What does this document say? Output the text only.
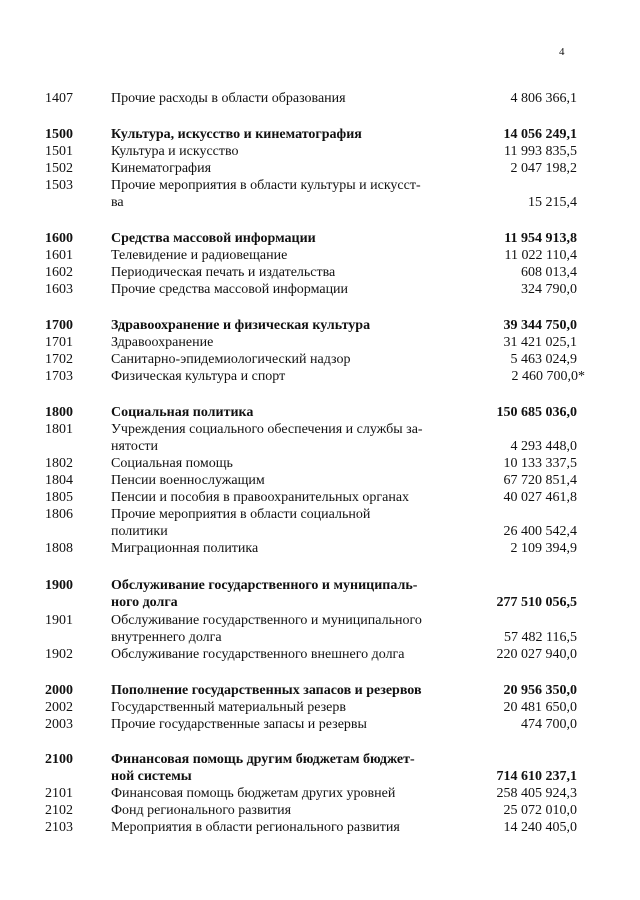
4
1407	Прочие расходы в области образования	4 806 366,1
1500	Культура, искусство и кинематография	14 056 249,1
1501	Культура и искусство	11 993 835,5
1502	Кинематография	2 047 198,2
1503	Прочие мероприятия в области культуры и искусст-
ва	15 215,4
1600	Средства массовой информации	11 954 913,8
1601	Телевидение и радиовещание	11 022 110,4
1602	Периодическая печать и издательства	608 013,4
1603	Прочие средства массовой информации	324 790,0
1700	Здравоохранение и физическая культура	39 344 750,0
1701	Здравоохранение	31 421 025,1
1702	Санитарно-эпидемиологический надзор	5 463 024,9
1703	Физическая культура и спорт	2 460 700,0*
1800	Социальная политика	150 685 036,0
1801	Учреждения социального обеспечения и службы за-
нятости	4 293 448,0
1802	Социальная помощь	10 133 337,5
1804	Пенсии военнослужащим	67 720 851,4
1805	Пенсии и пособия в правоохранительных органах	40 027 461,8
1806	Прочие мероприятия в области социальной
политики	26 400 542,4
1808	Миграционная политика	2 109 394,9
1900	Обслуживание государственного и муниципаль-
ного долга	277 510 056,5
1901	Обслуживание государственного и муниципального
внутреннего долга	57 482 116,5
1902	Обслуживание государственного внешнего долга	220 027 940,0
2000	Пополнение государственных запасов и резервов	20 956 350,0
2002	Государственный материальный резерв	20 481 650,0
2003	Прочие государственные запасы и резервы	474 700,0
2100	Финансовая помощь другим бюджетам бюджет-
ной системы	714 610 237,1
2101	Финансовая помощь бюджетам других уровней	258 405 924,3
2102	Фонд регионального развития	25 072 010,0
2103	Мероприятия в области регионального развития	14 240 405,0
